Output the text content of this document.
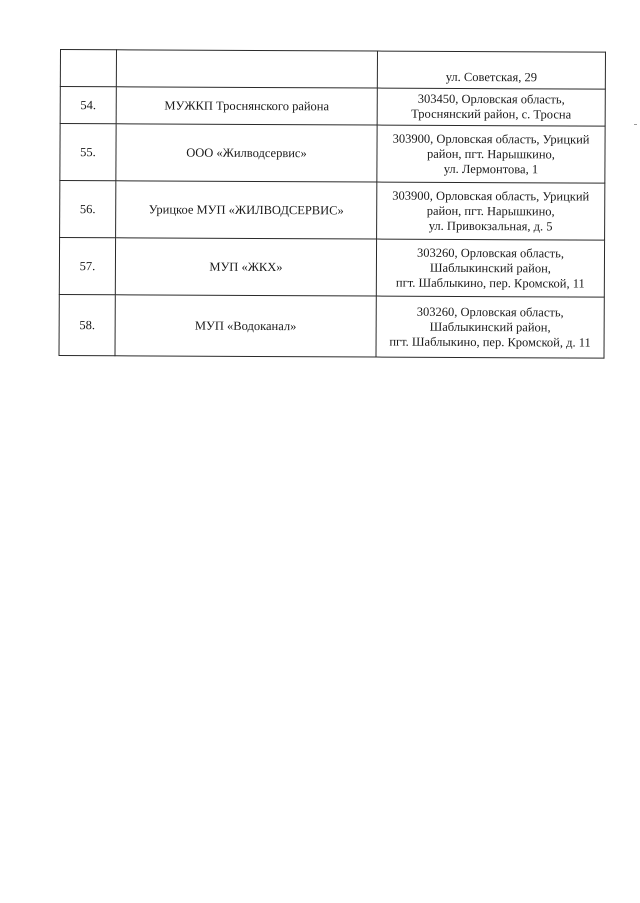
		ул. Советская, 29

54.	МУЖКП Троснянского района	303450, Орловская область,
Троснянский район, с. Тросна

55.	ООО «Жилводсервис»	303900, Орловская область, Урицкий
район, пгт. Нарышкино,
ул. Лермонтова, 1

56.	Урицкое МУП «ЖИЛВОДСЕРВИС»	303900, Орловская область, Урицкий
район, пгт. Нарышкино,
ул. Привокзальная, д. 5

57.	МУП «ЖКХ»	303260, Орловская область,
Шаблыкинский район,
пгт. Шаблыкино, пер. Кромской, 11

58.	МУП «Водоканал»	303260, Орловская область,
Шаблыкинский район,
пгт. Шаблыкино, пер. Кромской, д. 11
